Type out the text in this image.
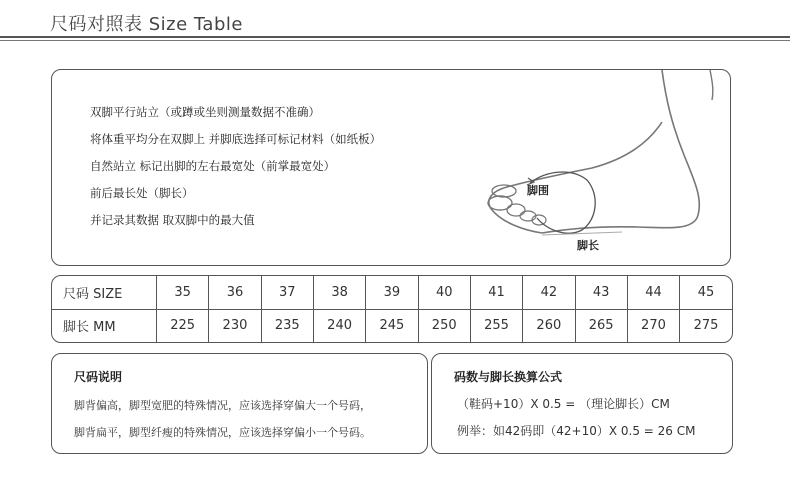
尺码对照表 Size Table
双脚平行站立（或蹲或坐则测量数据不准确）
将体重平均分在双脚上 并脚底选择可标记材料（如纸板）
自然站立 标记出脚的左右最宽处（前掌最宽处）
前后最长处（脚长）
并记录其数据 取双脚中的最大值
脚围
脚长
尺码 SIZE	35	36	37	38	39	40	41	42	43	44	45
脚长 MM	225	230	235	240	245	250	255	260	265	270	275
尺码说明
脚背偏高，脚型宽肥的特殊情况，应该选择穿偏大一个号码，
脚背扁平，脚型纤瘦的特殊情况，应该选择穿偏小一个号码。
码数与脚长换算公式
（鞋码+10）X 0.5 = （理论脚长）CM
例举：如42码即（42+10）X 0.5 = 26 CM
